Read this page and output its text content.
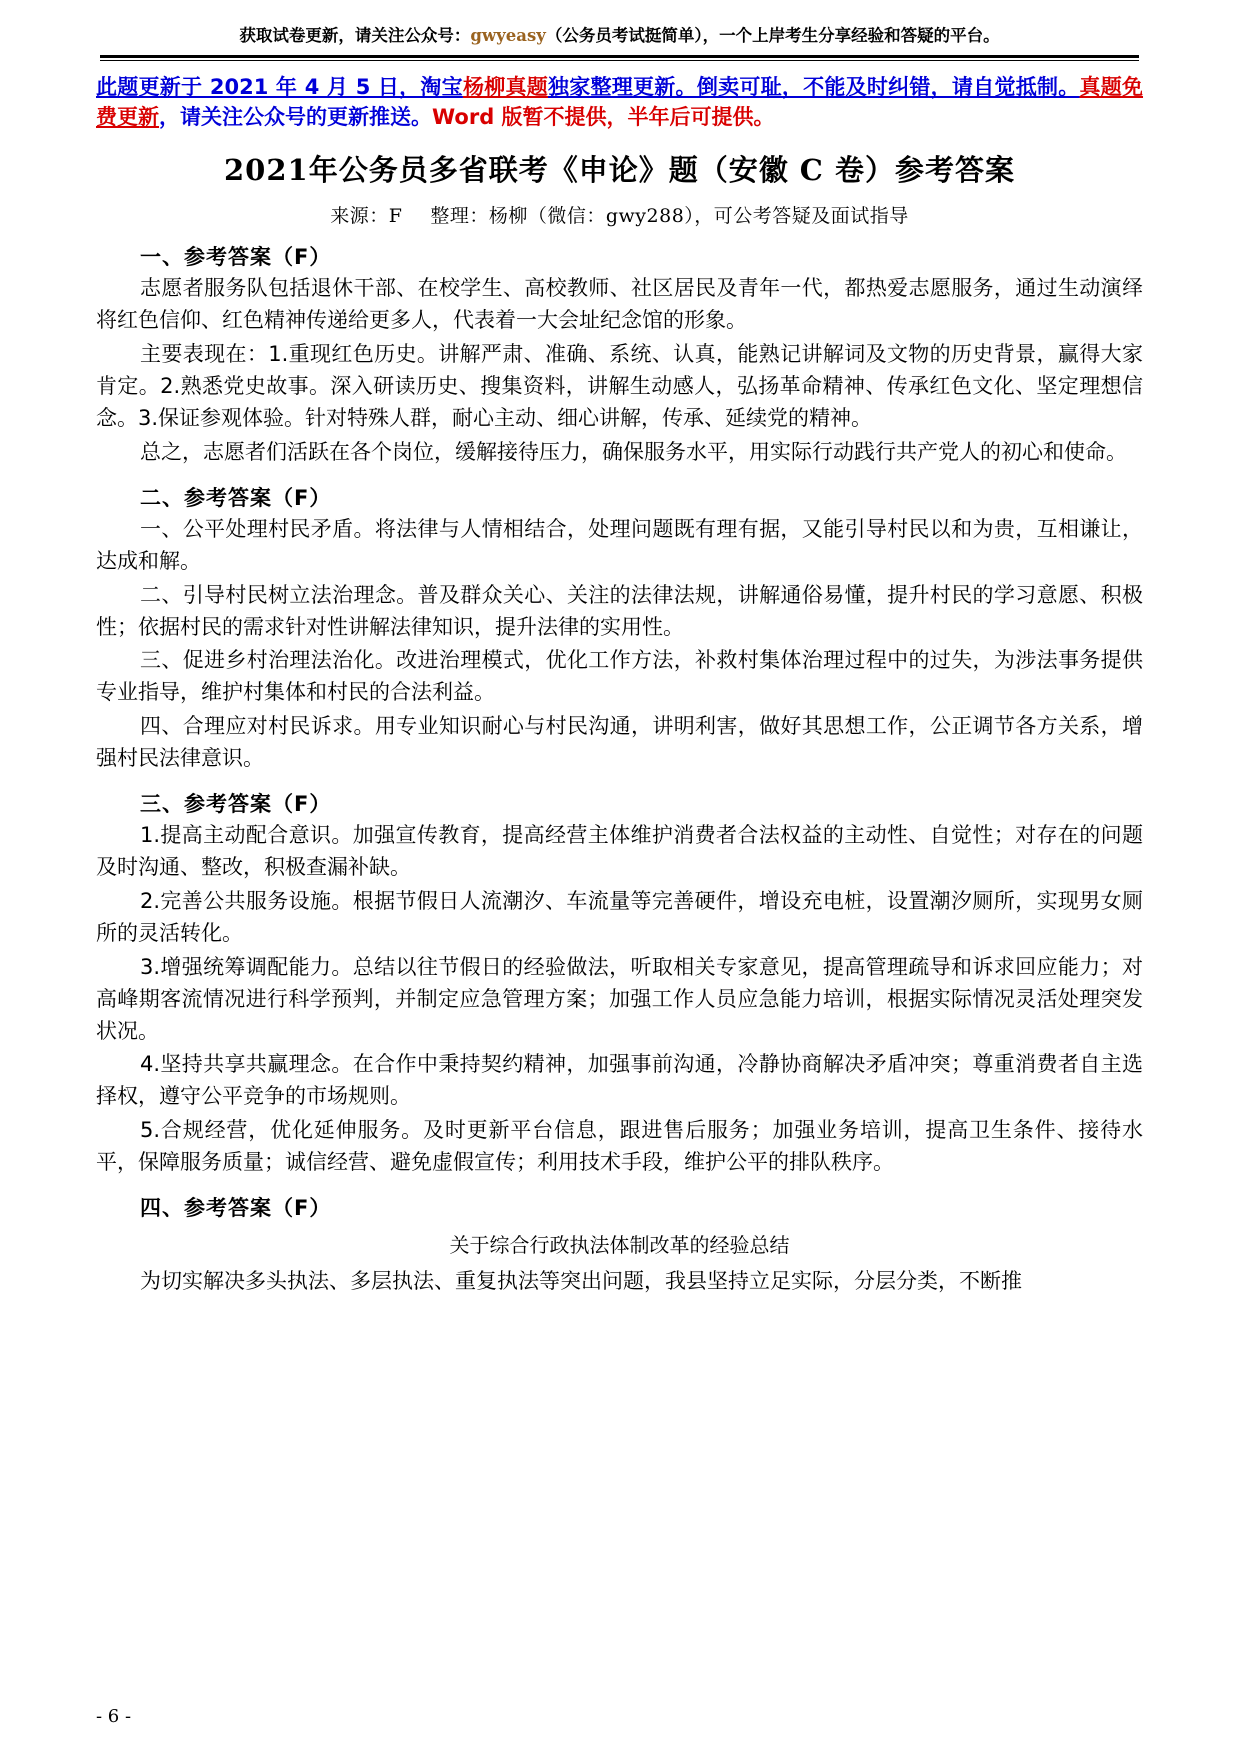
获取试卷更新，请关注公众号：gwyeasy（公务员考试挺简单），一个上岸考生分享经验和答疑的平台。
此题更新于 2021 年 4 月 5 日，淘宝杨柳真题独家整理更新。倒卖可耻，不能及时纠错，请自觉抵制。真题免费更新，请关注公众号的更新推送。Word 版暂不提供，半年后可提供。
2021年公务员多省联考《申论》题（安徽 C 卷）参考答案
来源：F 整理：杨柳（微信：gwy288），可公考答疑及面试指导
一、参考答案（F）

志愿者服务队包括退休干部、在校学生、高校教师、社区居民及青年一代，都热爱志愿服务，通过生动演绎将红色信仰、红色精神传递给更多人，代表着一大会址纪念馆的形象。

主要表现在：1.重现红色历史。讲解严肃、准确、系统、认真，能熟记讲解词及文物的历史背景，赢得大家肯定。2.熟悉党史故事。深入研读历史、搜集资料，讲解生动感人，弘扬革命精神、传承红色文化、坚定理想信念。3.保证参观体验。针对特殊人群，耐心主动、细心讲解，传承、延续党的精神。

总之，志愿者们活跃在各个岗位，缓解接待压力，确保服务水平，用实际行动践行共产党人的初心和使命。

二、参考答案（F）

一、公平处理村民矛盾。将法律与人情相结合，处理问题既有理有据，又能引导村民以和为贵，互相谦让，达成和解。

二、引导村民树立法治理念。普及群众关心、关注的法律法规，讲解通俗易懂，提升村民的学习意愿、积极性；依据村民的需求针对性讲解法律知识，提升法律的实用性。

三、促进乡村治理法治化。改进治理模式，优化工作方法，补救村集体治理过程中的过失，为涉法事务提供专业指导，维护村集体和村民的合法利益。

四、合理应对村民诉求。用专业知识耐心与村民沟通，讲明利害，做好其思想工作，公正调节各方关系，增强村民法律意识。

三、参考答案（F）

1.提高主动配合意识。加强宣传教育，提高经营主体维护消费者合法权益的主动性、自觉性；对存在的问题及时沟通、整改，积极查漏补缺。

2.完善公共服务设施。根据节假日人流潮汐、车流量等完善硬件，增设充电桩，设置潮汐厕所，实现男女厕所的灵活转化。

3.增强统筹调配能力。总结以往节假日的经验做法，听取相关专家意见，提高管理疏导和诉求回应能力；对高峰期客流情况进行科学预判，并制定应急管理方案；加强工作人员应急能力培训，根据实际情况灵活处理突发状况。

4.坚持共享共赢理念。在合作中秉持契约精神，加强事前沟通，冷静协商解决矛盾冲突；尊重消费者自主选择权，遵守公平竞争的市场规则。

5.合规经营，优化延伸服务。及时更新平台信息，跟进售后服务；加强业务培训，提高卫生条件、接待水平，保障服务质量；诚信经营、避免虚假宣传；利用技术手段，维护公平的排队秩序。

四、参考答案（F）

关于综合行政执法体制改革的经验总结

为切实解决多头执法、多层执法、重复执法等突出问题，我县坚持立足实际，分层分类，不断推

- 6 -
